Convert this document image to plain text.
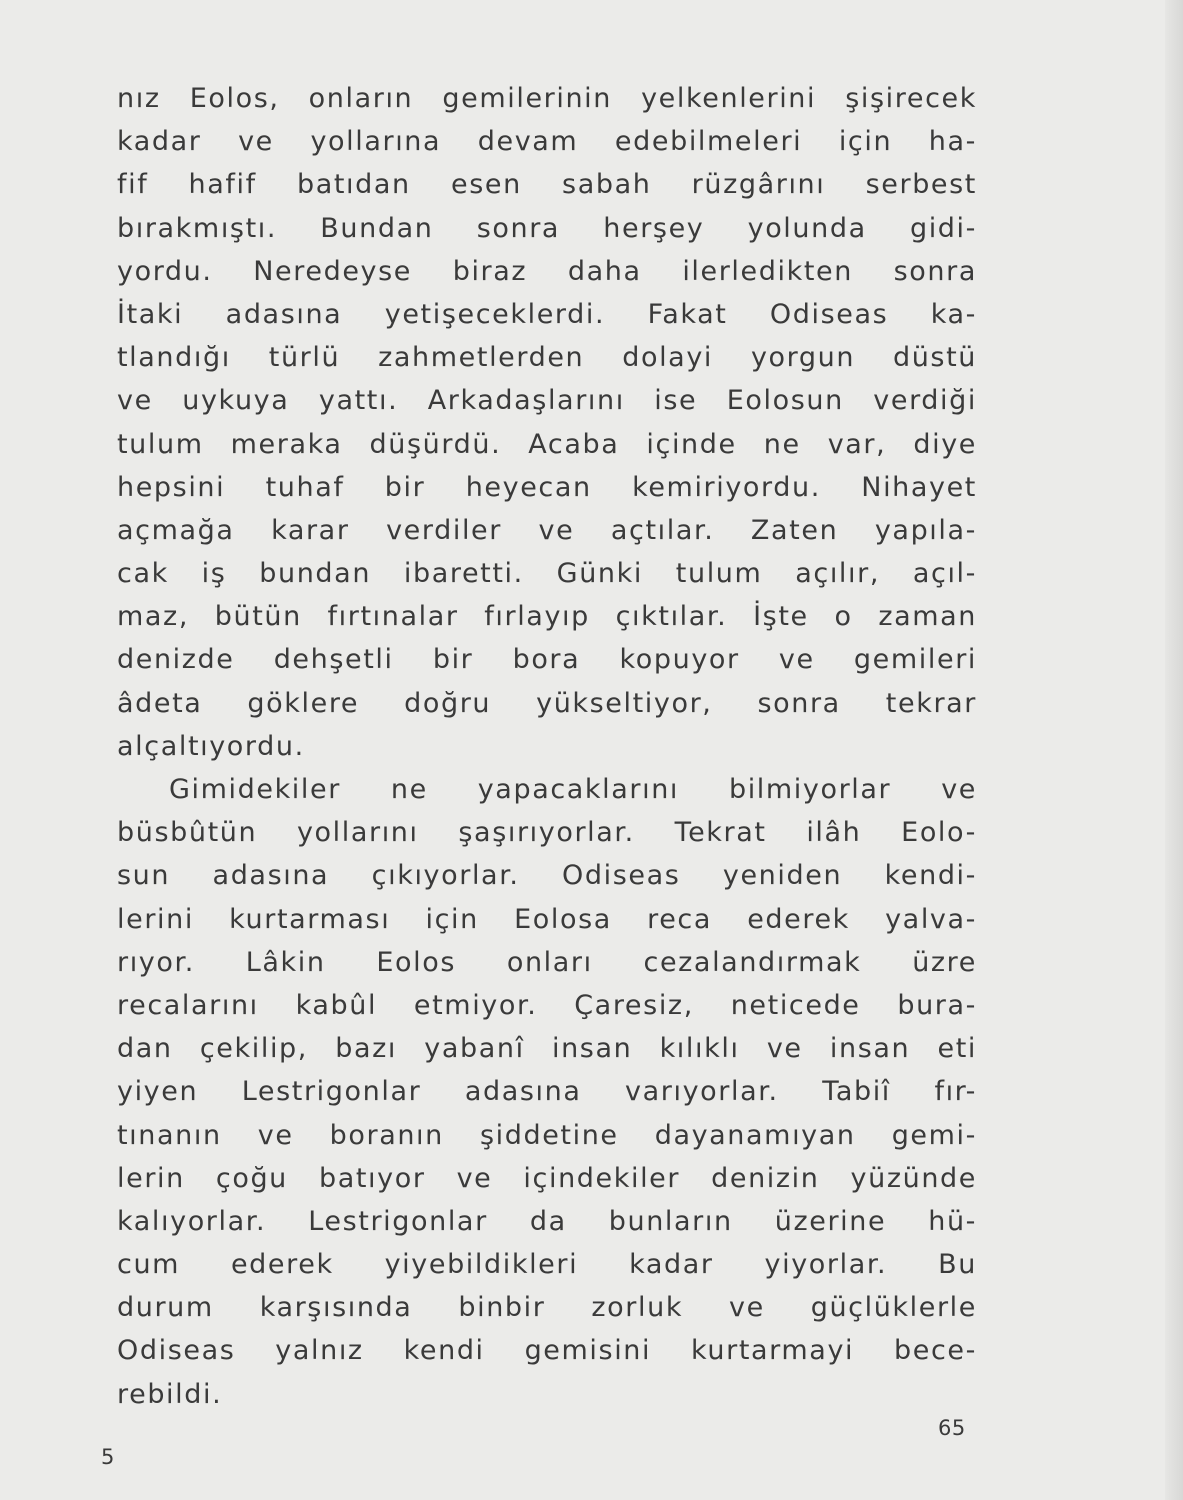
nız Eolos, onların gemilerinin yelkenlerini şişirecek
kadar ve yollarına devam edebilmeleri için ha-
fif hafif batıdan esen sabah rüzgârını serbest
bırakmıştı. Bundan sonra herşey yolunda gidi-
yordu. Neredeyse biraz daha ilerledikten sonra
İtaki adasına yetişeceklerdi. Fakat Odiseas ka-
tlandığı türlü zahmetlerden dolayi yorgun düstü
ve uykuya yattı. Arkadaşlarını ise Eolosun verdiği
tulum meraka düşürdü. Acaba içinde ne var, diye
hepsini tuhaf bir heyecan kemiriyordu. Nihayet
açmağa karar verdiler ve açtılar. Zaten yapıla-
cak iş bundan ibaretti. Günki tulum açılır, açıl-
maz, bütün fırtınalar fırlayıp çıktılar. İşte o zaman
denizde dehşetli bir bora kopuyor ve gemileri
âdeta göklere doğru yükseltiyor, sonra tekrar
alçaltıyordu.
Gimidekiler ne yapacaklarını bilmiyorlar ve
büsbûtün yollarını şaşırıyorlar. Tekrat ilâh Eolo-
sun adasına çıkıyorlar. Odiseas yeniden kendi-
lerini kurtarması için Eolosa reca ederek yalva-
rıyor. Lâkin Eolos onları cezalandırmak üzre
recalarını kabûl etmiyor. Çaresiz, neticede bura-
dan çekilip, bazı yabanî insan kılıklı ve insan eti
yiyen Lestrigonlar adasına varıyorlar. Tabiî fır-
tınanın ve boranın şiddetine dayanamıyan gemi-
lerin çoğu batıyor ve içindekiler denizin yüzünde
kalıyorlar. Lestrigonlar da bunların üzerine hü-
cum ederek yiyebildikleri kadar yiyorlar. Bu
durum karşısında binbir zorluk ve güçlüklerle
Odiseas yalnız kendi gemisini kurtarmayi bece-
rebildi.
65
5
